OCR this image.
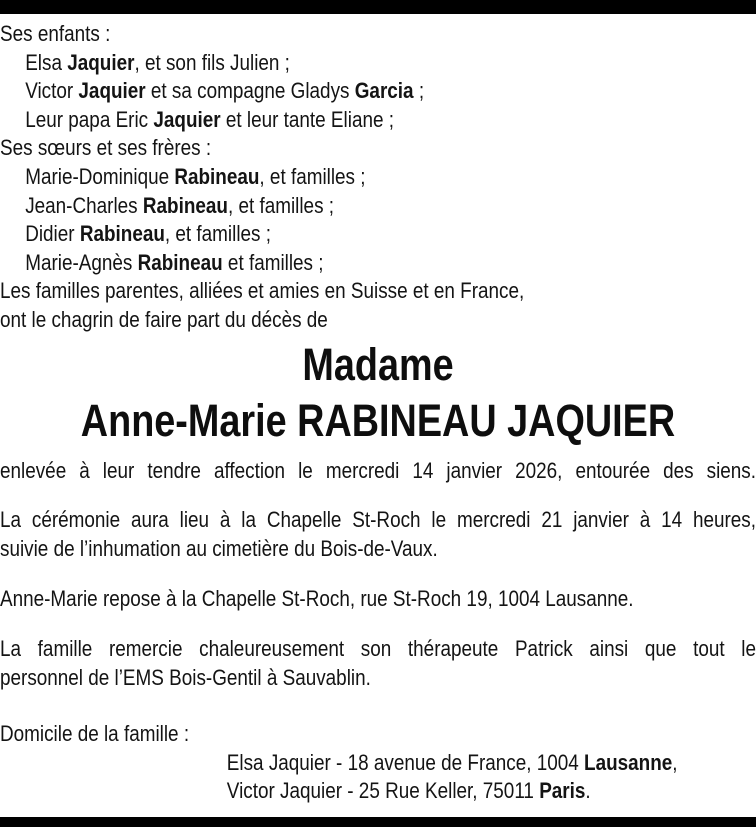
Ses enfants :
Elsa Jaquier, et son fils Julien ;
Victor Jaquier et sa compagne Gladys Garcia ;
Leur papa Eric Jaquier et leur tante Eliane ;
Ses sœurs et ses frères :
Marie-Dominique Rabineau, et familles ;
Jean-Charles Rabineau, et familles ;
Didier Rabineau, et familles ;
Marie-Agnès Rabineau et familles ;
Les familles parentes, alliées et amies en Suisse et en France,
ont le chagrin de faire part du décès de
Madame
Anne-Marie RABINEAU JAQUIER
enlevée à leur tendre affection le mercredi 14 janvier 2026, entourée des siens.
La cérémonie aura lieu à la Chapelle St-Roch le mercredi 21 janvier à 14 heures,
suivie de l’inhumation au cimetière du Bois-de-Vaux.
Anne-Marie repose à la Chapelle St-Roch, rue St-Roch 19, 1004 Lausanne.
La famille remercie chaleureusement son thérapeute Patrick ainsi que tout le
personnel de l’EMS Bois-Gentil à Sauvablin.
Domicile de la famille :
Elsa Jaquier - 18 avenue de France, 1004 Lausanne,
Victor Jaquier - 25 Rue Keller, 75011 Paris.
